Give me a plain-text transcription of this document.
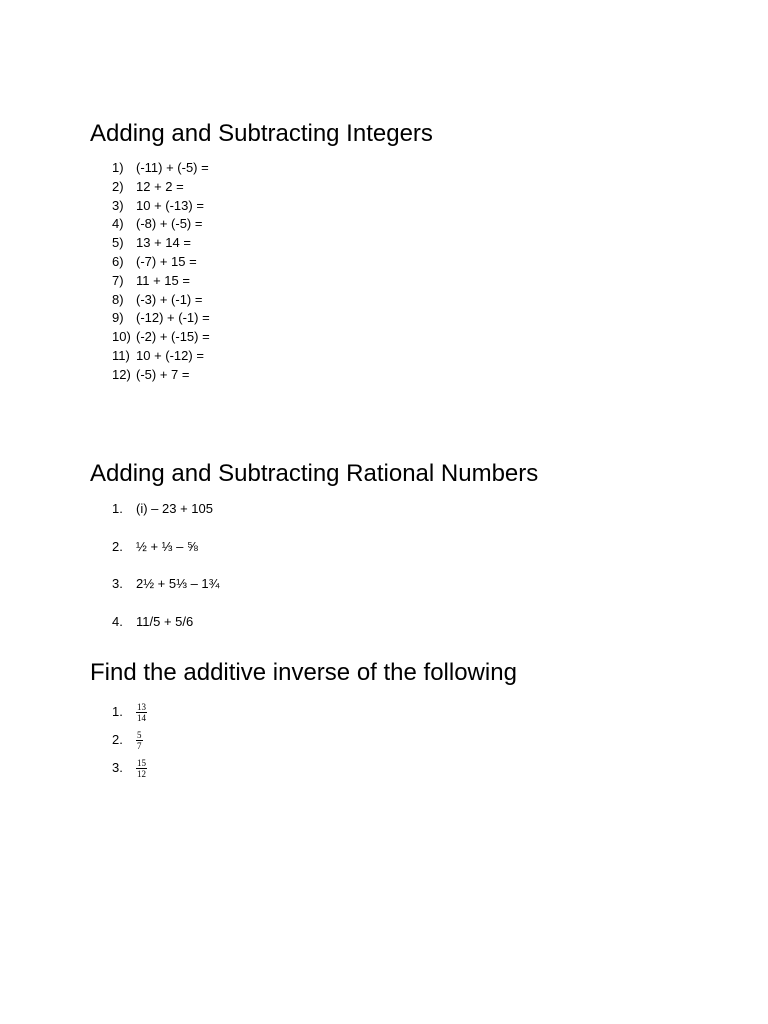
Adding and Subtracting Integers
1) (-11) + (-5) =
2) 12 + 2 =
3) 10 + (-13) =
4) (-8) + (-5) =
5) 13 + 14 =
6) (-7) + 15 =
7) 11 + 15 =
8) (-3) + (-1) =
9) (-12) + (-1) =
10) (-2) + (-15) =
11) 10 + (-12) =
12) (-5) + 7 =
Adding and Subtracting Rational Numbers
1. (i) – 23 + 105
2. ½ + ⅓ – ⅝
3. 2½ + 5⅓ – 1¾
4. 11/5 + 5/6
Find the additive inverse of the following
1. $\frac{13}{14}$
2. $\frac{5}{7}$
3. $\frac{15}{12}$
